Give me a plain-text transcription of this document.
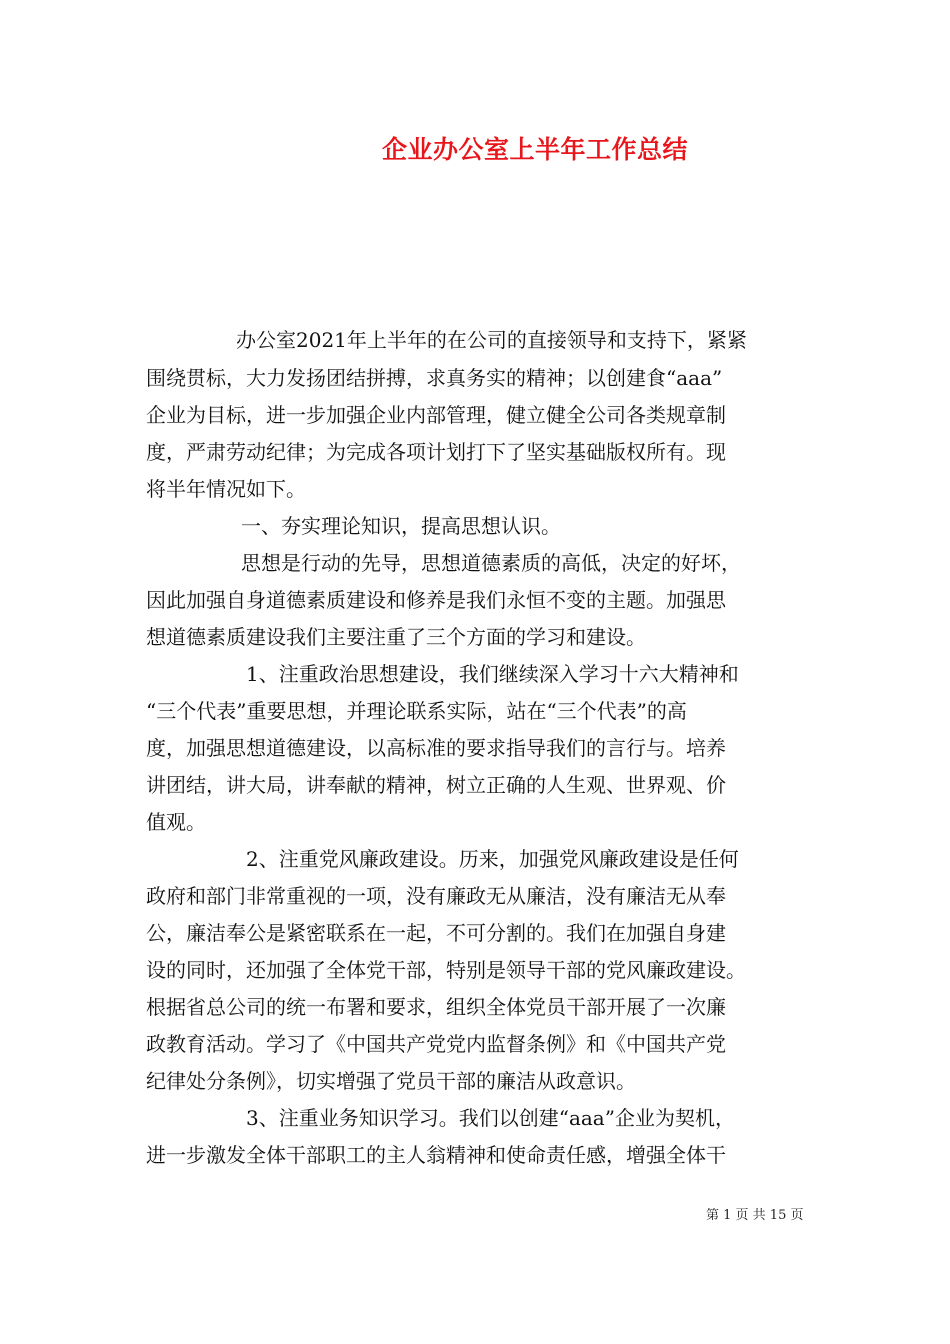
企业办公室上半年工作总结

办公室2021年上半年的在公司的直接领导和支持下，紧紧

围绕贯标，大力发扬团结拼搏，求真务实的精神；以创建食“aaa”

企业为目标，进一步加强企业内部管理，健立健全公司各类规章制

度，严肃劳动纪律；为完成各项计划打下了坚实基础版权所有。现

将半年情况如下。

一、夯实理论知识，提高思想认识。

思想是行动的先导，思想道德素质的高低，决定的好坏，

因此加强自身道德素质建设和修养是我们永恒不变的主题。加强思

想道德素质建设我们主要注重了三个方面的学习和建设。

1、注重政治思想建设，我们继续深入学习十六大精神和

“三个代表”重要思想，并理论联系实际，站在“三个代表”的高

度，加强思想道德建设，以高标准的要求指导我们的言行与。培养

讲团结，讲大局，讲奉献的精神，树立正确的人生观、世界观、价

值观。

2、注重党风廉政建设。历来，加强党风廉政建设是任何

政府和部门非常重视的一项，没有廉政无从廉洁，没有廉洁无从奉

公，廉洁奉公是紧密联系在一起，不可分割的。我们在加强自身建

设的同时，还加强了全体党干部，特别是领导干部的党风廉政建设。

根据省总公司的统一布署和要求，组织全体党员干部开展了一次廉

政教育活动。学习了《中国共产党党内监督条例》和《中国共产党

纪律处分条例》，切实增强了党员干部的廉洁从政意识。

3、注重业务知识学习。我们以创建“aaa”企业为契机，

进一步激发全体干部职工的主人翁精神和使命责任感，增强全体干

第 1 页 共 15 页
